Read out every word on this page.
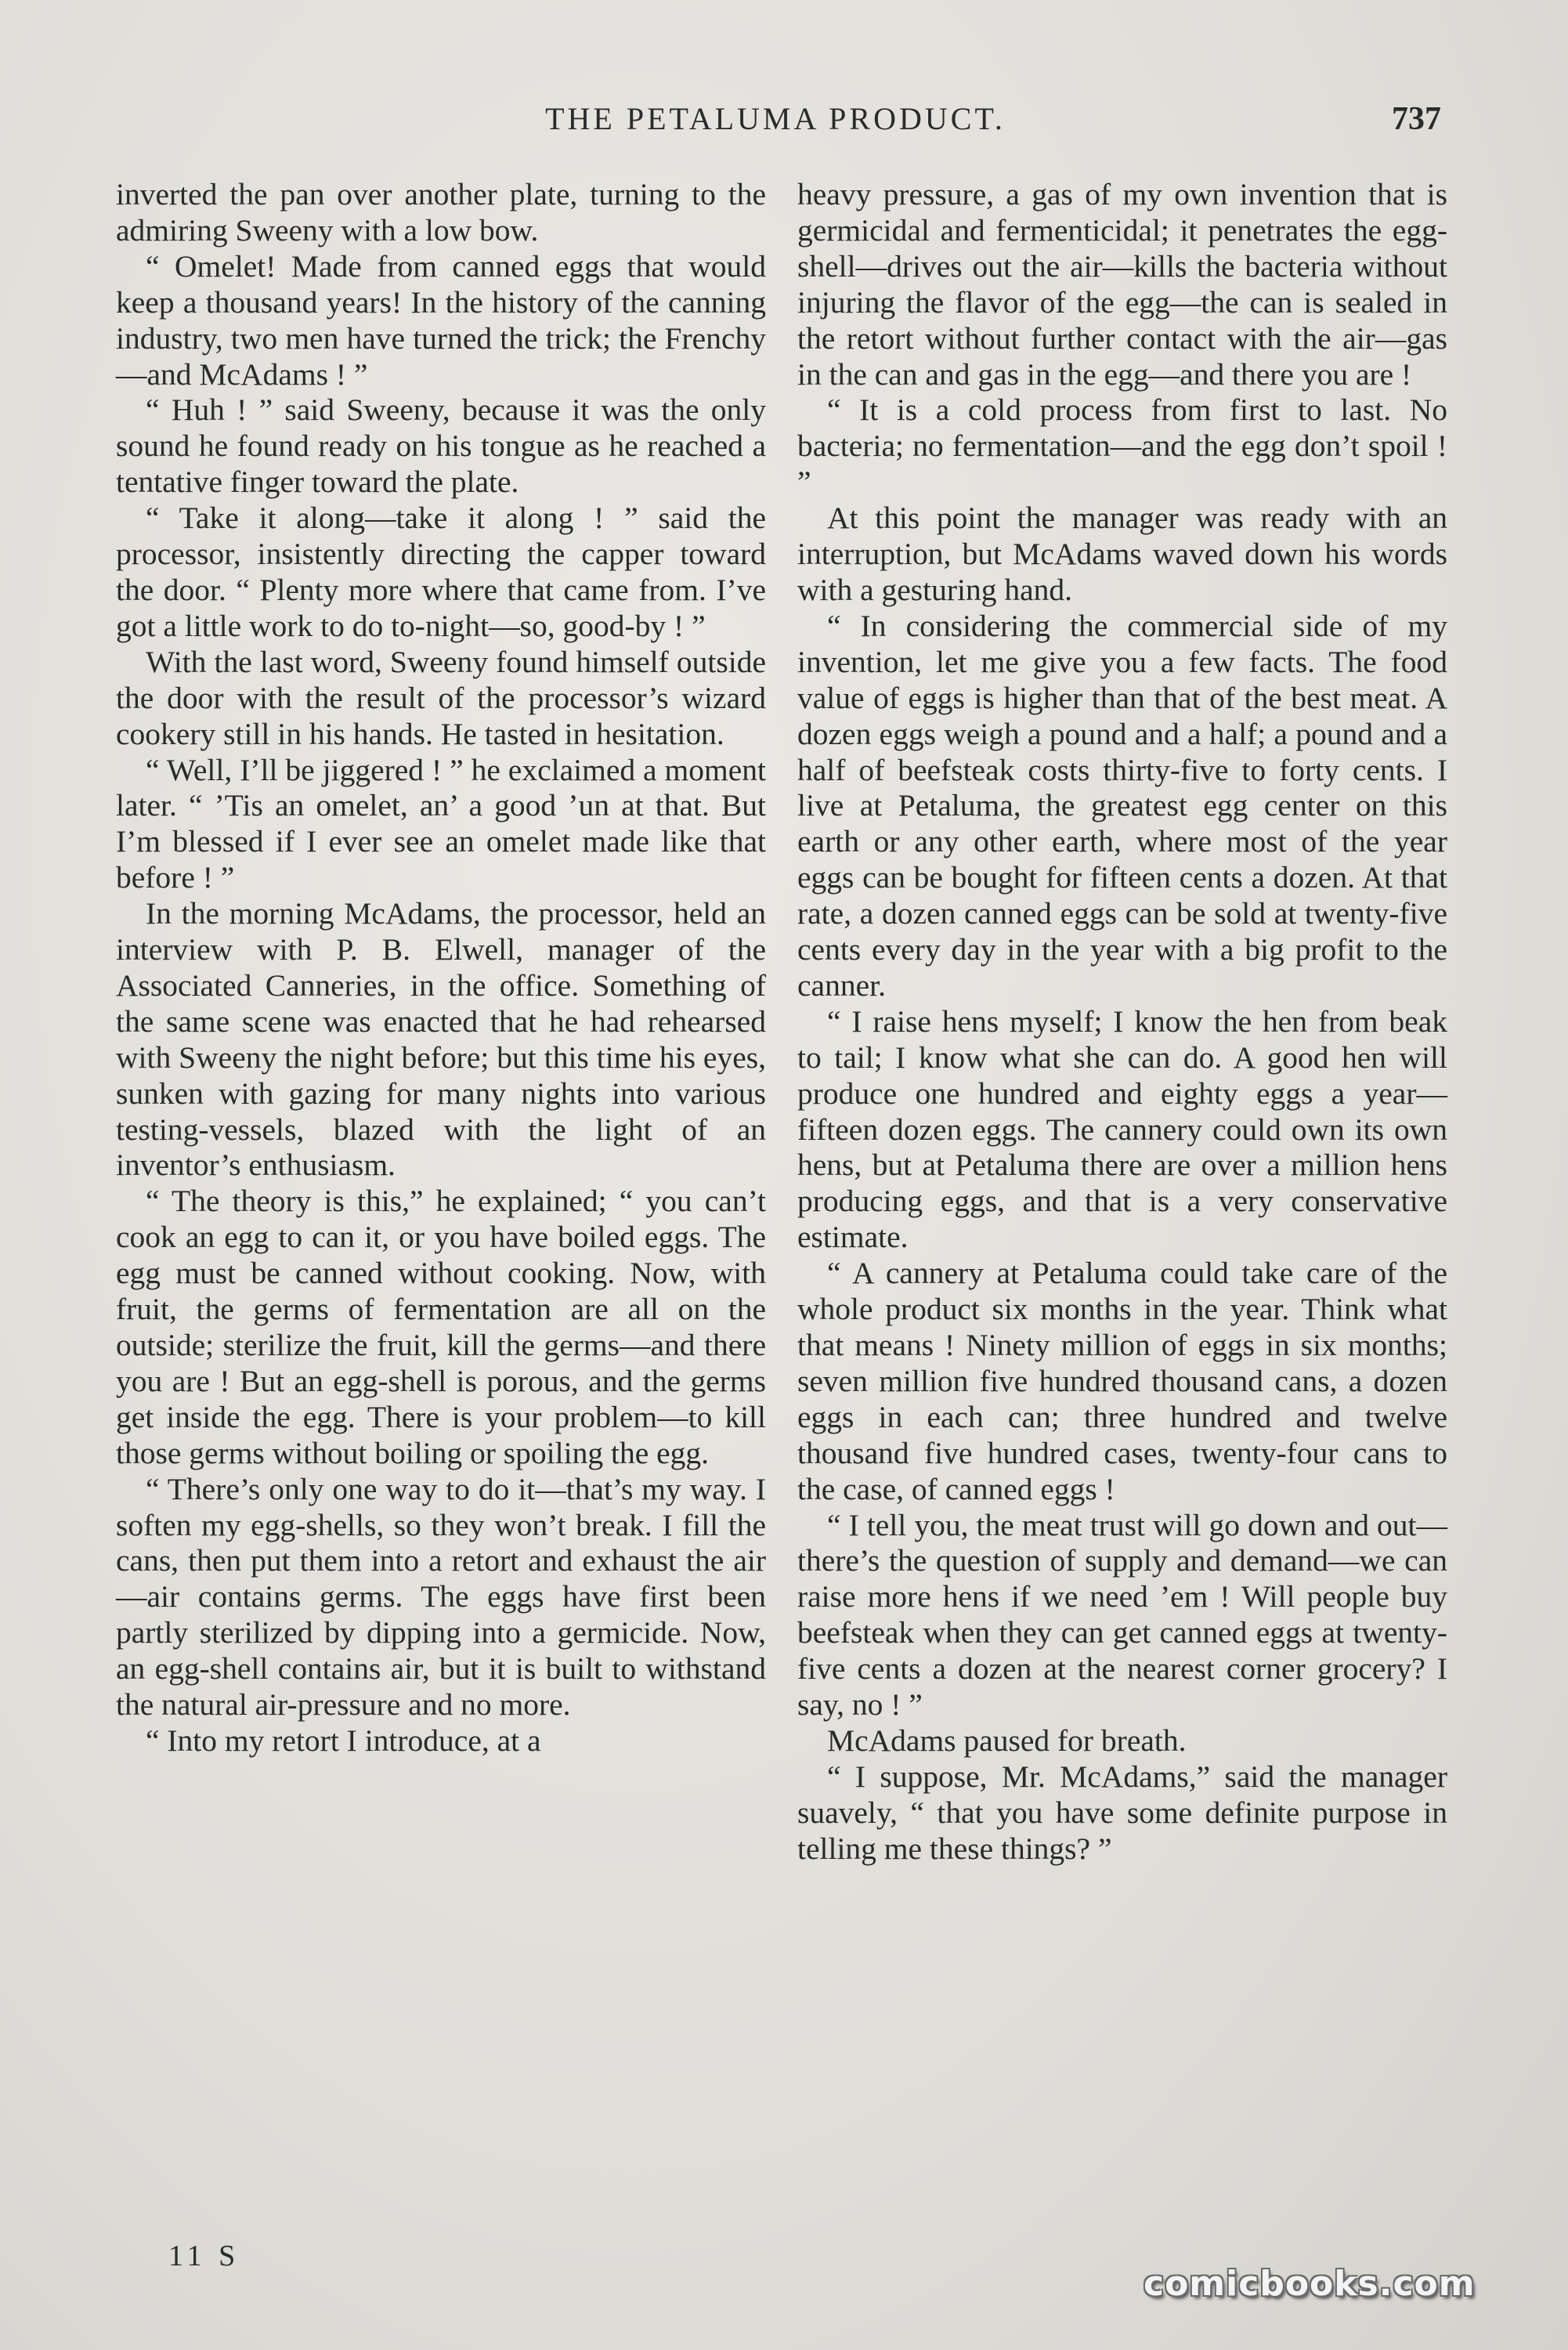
THE PETALUMA PRODUCT.	737

inverted the pan over another plate, turning to the admiring Sweeny with a low bow.

“ Omelet! Made from canned eggs that would keep a thousand years! In the history of the canning industry, two men have turned the trick; the Frenchy —and McAdams ! ”

“ Huh ! ” said Sweeny, because it was the only sound he found ready on his tongue as he reached a tentative finger toward the plate.

“ Take it along—take it along ! ” said the processor, insistently directing the capper toward the door. “ Plenty more where that came from. I’ve got a little work to do to-night—so, good-by ! ”

With the last word, Sweeny found himself outside the door with the result of the processor’s wizard cookery still in his hands. He tasted in hesitation.

“ Well, I’ll be jiggered ! ” he exclaimed a moment later. “ ’Tis an omelet, an’ a good ’un at that. But I’m blessed if I ever see an omelet made like that before ! ”

In the morning McAdams, the processor, held an interview with P. B. Elwell, manager of the Associated Canneries, in the office. Something of the same scene was enacted that he had rehearsed with Sweeny the night before; but this time his eyes, sunken with gazing for many nights into various testing-vessels, blazed with the light of an inventor’s enthusiasm.

“ The theory is this,” he explained; “ you can’t cook an egg to can it, or you have boiled eggs. The egg must be canned without cooking. Now, with fruit, the germs of fermentation are all on the outside; sterilize the fruit, kill the germs—and there you are ! But an egg-shell is porous, and the germs get inside the egg. There is your problem—to kill those germs without boiling or spoiling the egg.

“ There’s only one way to do it—that’s my way. I soften my egg-shells, so they won’t break. I fill the cans, then put them into a retort and exhaust the air—air contains germs. The eggs have first been partly sterilized by dipping into a germicide. Now, an egg-shell contains air, but it is built to withstand the natural air-pressure and no more.

“ Into my retort I introduce, at a

heavy pressure, a gas of my own invention that is germicidal and fermenticidal; it penetrates the egg-shell—drives out the air—kills the bacteria without injuring the flavor of the egg—the can is sealed in the retort without further contact with the air—gas in the can and gas in the egg—and there you are !

“ It is a cold process from first to last. No bacteria; no fermentation—and the egg don’t spoil ! ”

At this point the manager was ready with an interruption, but McAdams waved down his words with a gesturing hand.

“ In considering the commercial side of my invention, let me give you a few facts. The food value of eggs is higher than that of the best meat. A dozen eggs weigh a pound and a half; a pound and a half of beefsteak costs thirty-five to forty cents. I live at Petaluma, the greatest egg center on this earth or any other earth, where most of the year eggs can be bought for fifteen cents a dozen. At that rate, a dozen canned eggs can be sold at twenty-five cents every day in the year with a big profit to the canner.

“ I raise hens myself; I know the hen from beak to tail; I know what she can do. A good hen will produce one hundred and eighty eggs a year—fifteen dozen eggs. The cannery could own its own hens, but at Petaluma there are over a million hens producing eggs, and that is a very conservative estimate.

“ A cannery at Petaluma could take care of the whole product six months in the year. Think what that means ! Ninety million of eggs in six months; seven million five hundred thousand cans, a dozen eggs in each can; three hundred and twelve thousand five hundred cases, twenty-four cans to the case, of canned eggs !

“ I tell you, the meat trust will go down and out—there’s the question of supply and demand—we can raise more hens if we need ’em ! Will people buy beefsteak when they can get canned eggs at twenty-five cents a dozen at the nearest corner grocery? I say, no ! ”

McAdams paused for breath.

“ I suppose, Mr. McAdams,” said the manager suavely, “ that you have some definite purpose in telling me these things? ”

11 S
comicbooks.com
